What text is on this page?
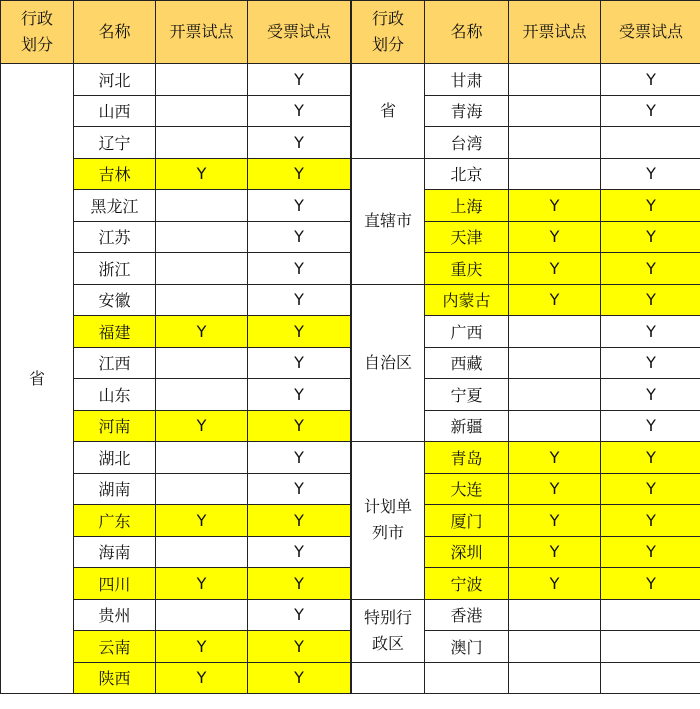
行政
划分	名称	开票试点	受票试点
省	河北		Y
	山西		Y
	辽宁		Y
	吉林	Y	Y
	黑龙江		Y
	江苏		Y
	浙江		Y
	安徽		Y
	福建	Y	Y
	江西		Y
	山东		Y
	河南	Y	Y
	湖北		Y
	湖南		Y
	广东	Y	Y
	海南		Y
	四川	Y	Y
	贵州		Y
	云南	Y	Y
	陕西	Y	Y
行政
划分	名称	开票试点	受票试点
省	甘肃		Y
	青海		Y
	台湾		
直辖市	北京		Y
	上海	Y	Y
	天津	Y	Y
	重庆	Y	Y
自治区	内蒙古	Y	Y
	广西		Y
	西藏		Y
	宁夏		Y
	新疆		Y
计划单
列市	青岛	Y	Y
	大连	Y	Y
	厦门	Y	Y
	深圳	Y	Y
	宁波	Y	Y
特别行
政区	香港		
	澳门		
